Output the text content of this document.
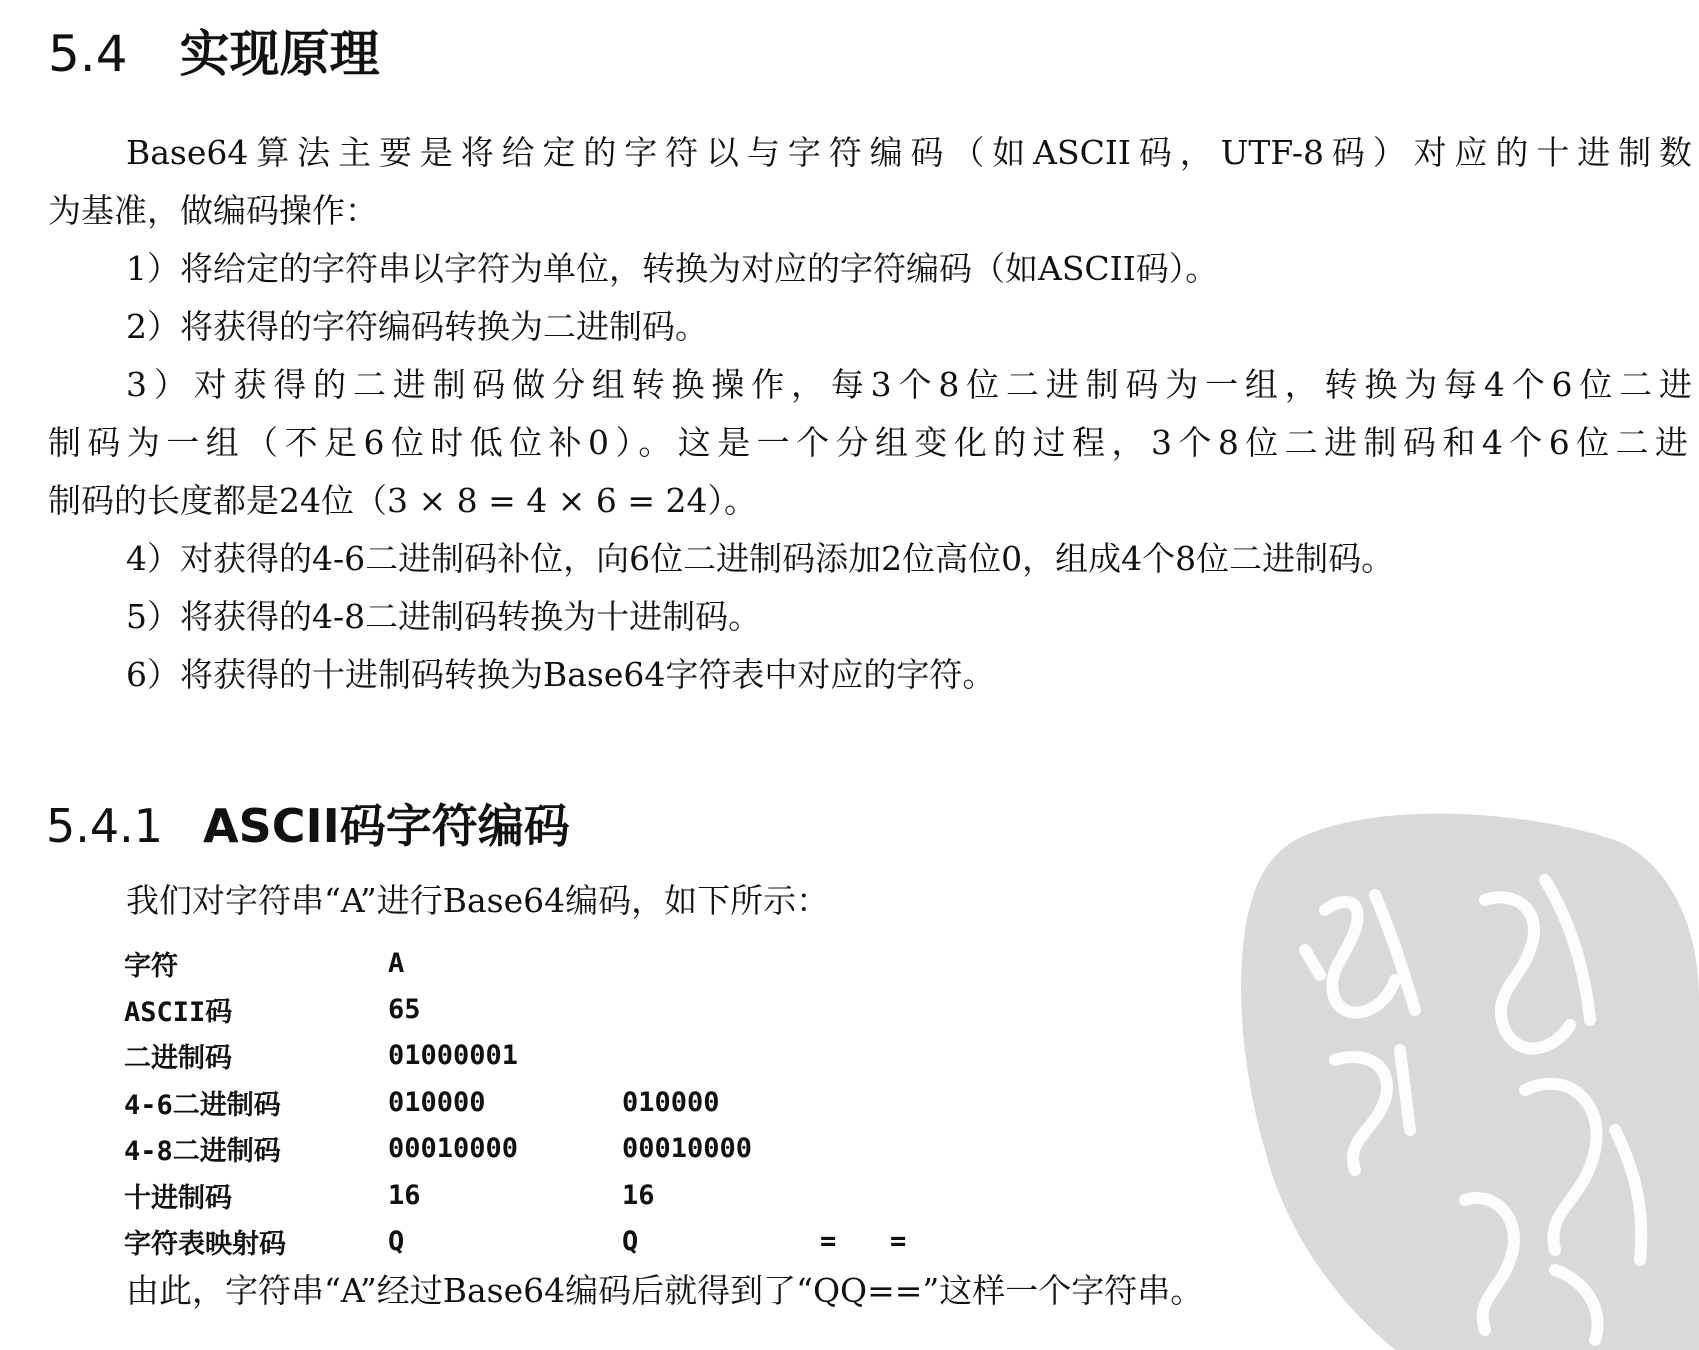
5.4 实现原理
Base64算法主要是将给定的字符以与字符编码（如ASCII码，UTF-8码）对应的十进制数
为基准，做编码操作：
1）将给定的字符串以字符为单位，转换为对应的字符编码（如ASCII码）。
2）将获得的字符编码转换为二进制码。
3）对获得的二进制码做分组转换操作，每3个8位二进制码为一组，转换为每4个6位二进
制码为一组（不足6位时低位补0）。这是一个分组变化的过程，3个8位二进制码和4个6位二进
制码的长度都是24位（3 × 8 = 4 × 6 = 24）。
4）对获得的4-6二进制码补位，向6位二进制码添加2位高位0，组成4个8位二进制码。
5）将获得的4-8二进制码转换为十进制码。
6）将获得的十进制码转换为Base64字符表中对应的字符。
5.4.1 ASCII码字符编码
我们对字符串“A”进行Base64编码，如下所示：
字符	A			
ASCII码	65			
二进制码	01000001			
4-6二进制码	010000	010000		
4-8二进制码	00010000	00010000		
十进制码	16	16		
字符表映射码	Q	Q	=	=
由此，字符串“A”经过Base64编码后就得到了“QQ==”这样一个字符串。
